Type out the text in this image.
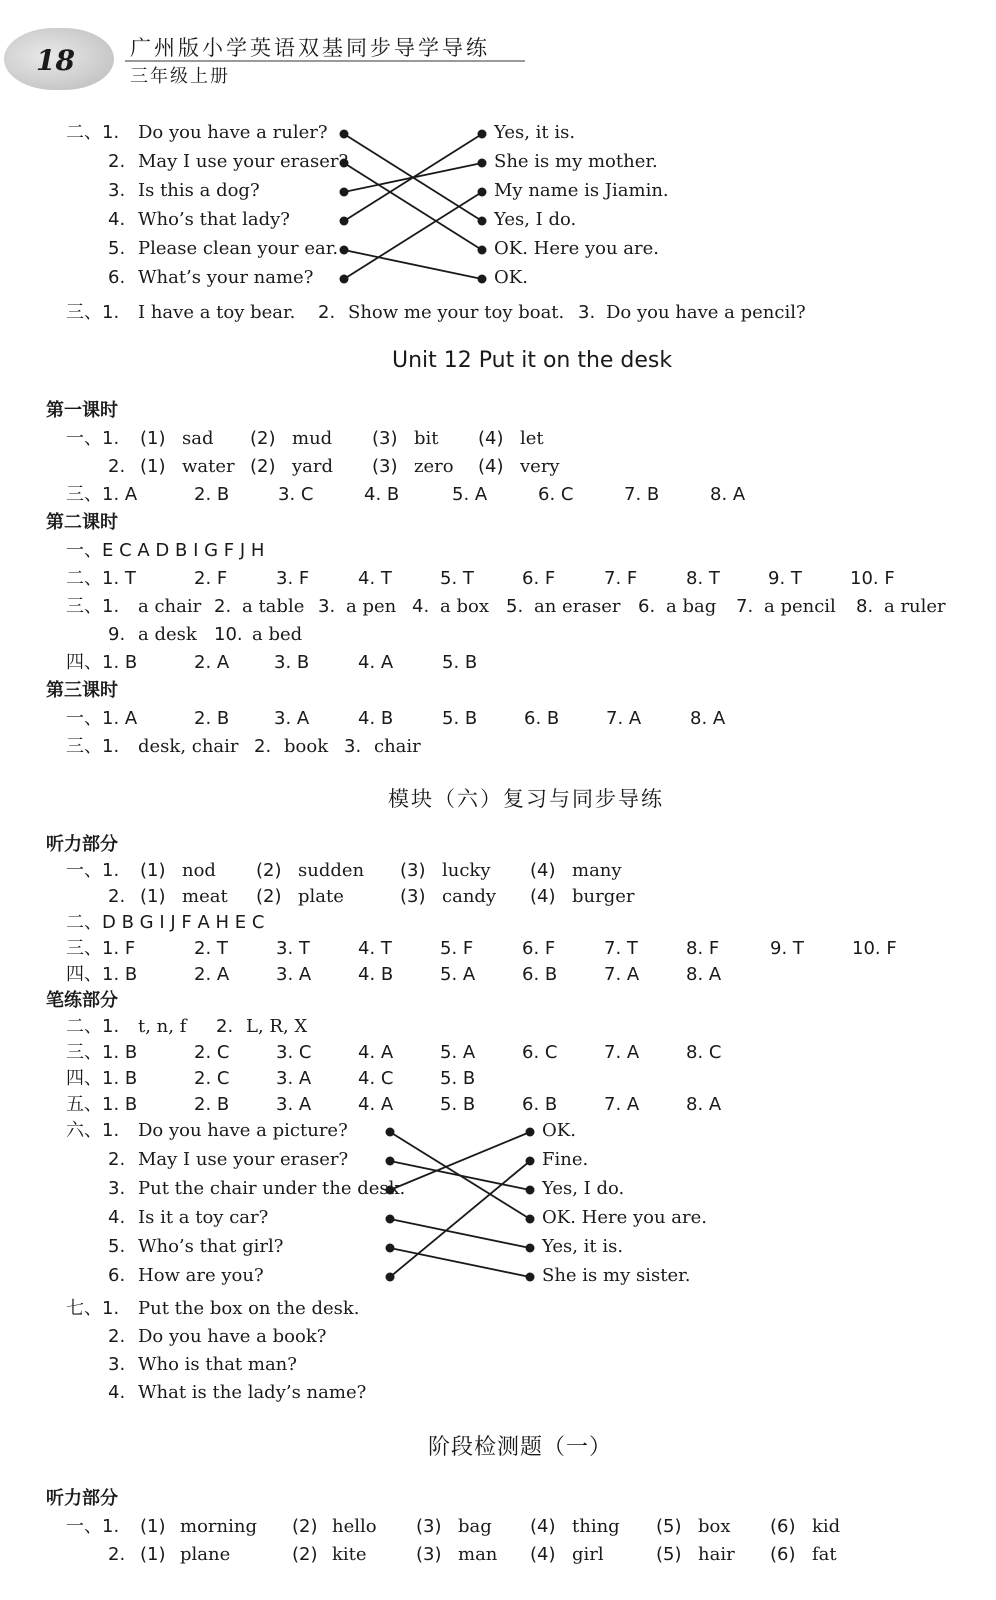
18	广州版小学英语双基同步导学导练
三年级上册
二、1.
2.
3.
4.
5.
6.
Do you have a ruler?
May I use your eraser?
Is this a dog?
Who’s that lady?
Please clean your ear.
What’s your name?
Yes, it is.
She is my mother.
My name is Jiamin.
Yes, I do.
OK. Here you are.
OK.
三、1. I have a toy bear. 2. Show me your toy boat. 3. Do you have a pencil?
Unit 12 Put it on the desk
第一课时
一、1. (1) sad (2) mud (3) bit (4) let
2. (1) water (2) yard (3) zero (4) very
三、1. A	2. B	3. C	4. B	5. A	6. C	7. B	8. A
第二课时
一、E C A D B I G F J H
二、1. T	2. F	3. F	4. T	5. T	6. F	7. F	8. T	9. T	10. F
三、1. a chair 2. a table 3. a pen 4. a box 5. an eraser 6. a bag 7. a pencil 8. a ruler
9. a desk 10. a bed
四、1. B	2. A 3. B	4. A	5. B
第三课时
一、1. A	2. B 3. A	4. B	5. B	6. B	7. A	8. A
三、1. desk, chair 2. book 3. chair
模块（六）复习与同步导练
听力部分
一、1. (1) nod (2) sudden (3) lucky (4) many
2. (1) meat (2) plate	(3) candy (4) burger
二、D B G I J F A H E C
三、1. F	2. T	3. T	4. T	5. F	6. F	7. T	8. F	9. T	10. F
四、1. B	2. A	3. A	4. B	5. A	6. B	7. A	8. A
笔练部分
二、1. t, n, f 2. L, R, X
三、1. B	2. C	3. C	4. A	5. A	6. C	7. A	8. C
四、1. B	2. C	3. A	4. C	5. B
五、1. B	2. B	3. A	4. A	5. B	6. B	7. A	8. A
六、1.
2.
3.
4.
5.
6.
Do you have a picture?
May I use your eraser?
Put the chair under the desk.
Is it a toy car?
Who’s that girl?
How are you?
OK.
Fine.
Yes, I do.
OK. Here you are.
Yes, it is.
She is my sister.
七、1.
2.
3.
4.
Put the box on the desk.
Do you have a book?
Who is that man?
What is the lady’s name?
阶段检测题（一）
听力部分
一、1. (1) morning (2) hello (3) bag (4) thing (5) box (6) kid
2. (1) plane	(2) kite	(3) man (4) girl	(5) hair (6) fat
